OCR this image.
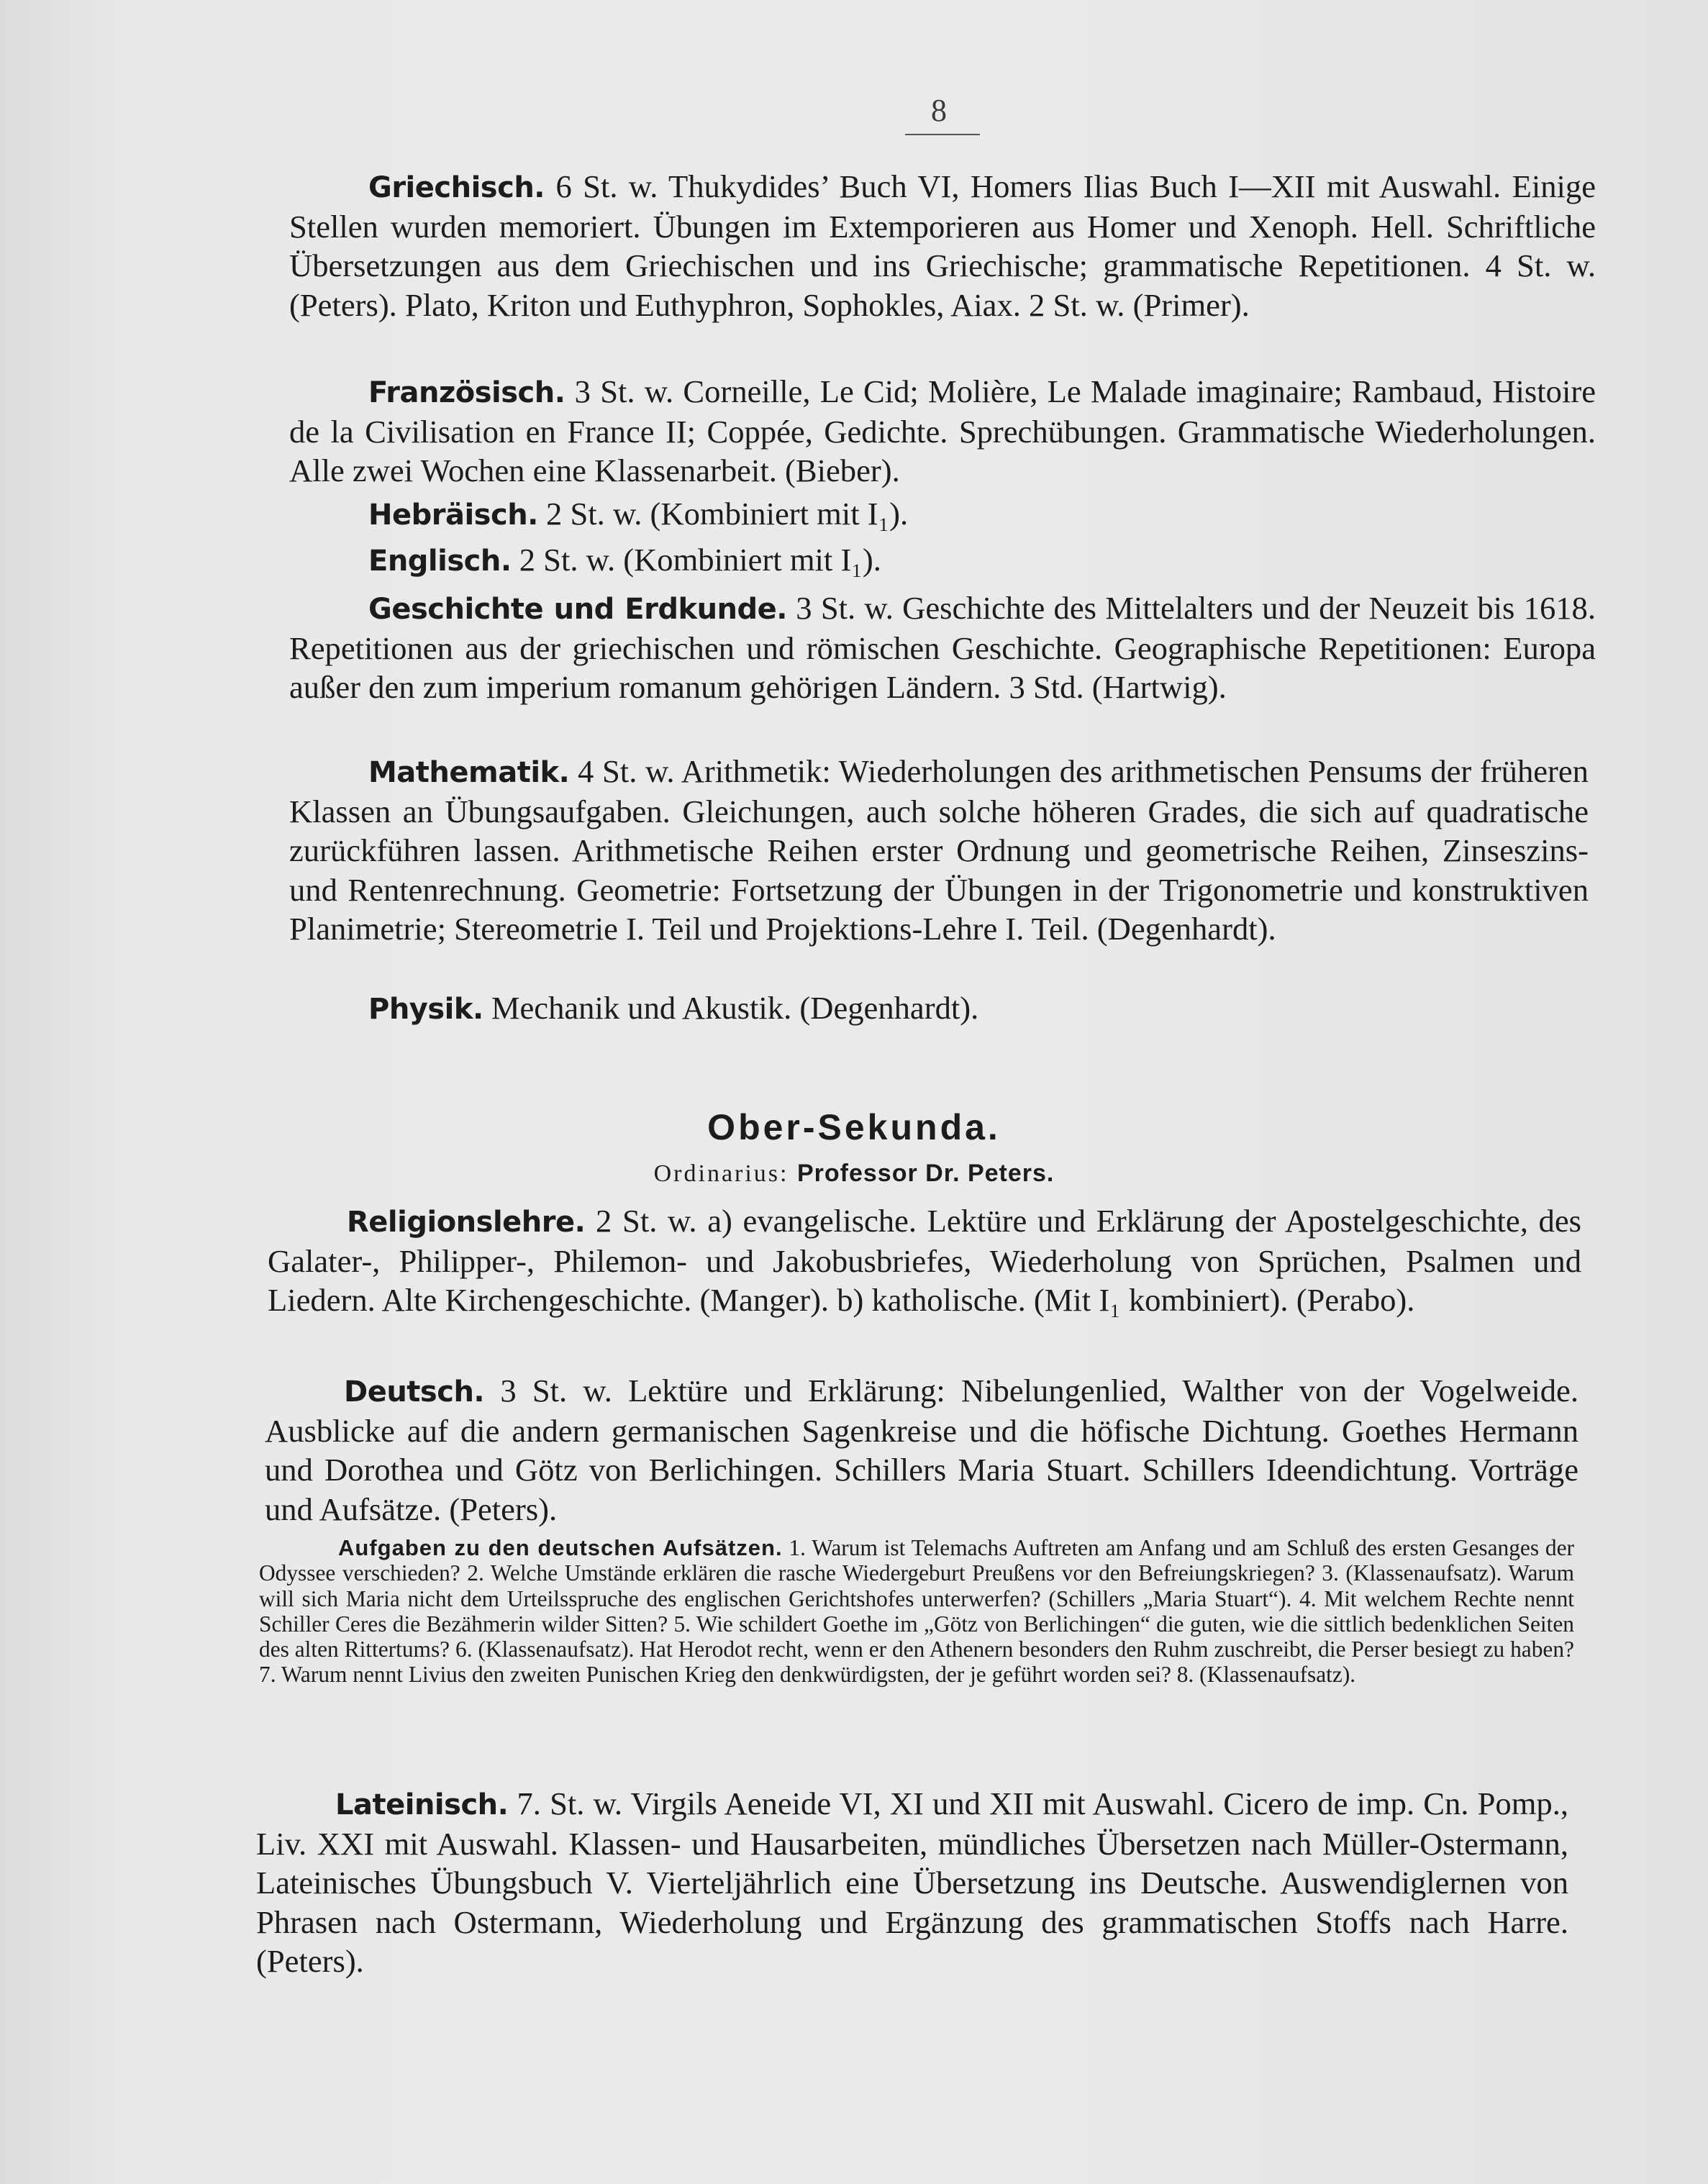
8

Griechisch. 6 St. w. Thukydides’ Buch VI, Homers Ilias Buch I—XII mit Auswahl. Einige Stellen wurden memoriert. Übungen im Extemporieren aus Homer und Xenoph. Hell. Schriftliche Übersetzungen aus dem Griechischen und ins Griechische; grammatische Repetitionen. 4 St. w. (Peters). Plato, Kriton und Euthyphron, Sophokles, Aiax. 2 St. w. (Primer).

Französisch. 3 St. w. Corneille, Le Cid; Molière, Le Malade imaginaire; Rambaud, Histoire de la Civilisation en France II; Coppée, Gedichte. Sprechübungen. Grammatische Wiederholungen. Alle zwei Wochen eine Klassenarbeit. (Bieber).

Hebräisch. 2 St. w. (Kombiniert mit I₁).

Englisch. 2 St. w. (Kombiniert mit I₁).

Geschichte und Erdkunde. 3 St. w. Geschichte des Mittelalters und der Neuzeit bis 1618. Repetitionen aus der griechischen und römischen Geschichte. Geographische Repetitionen: Europa außer den zum imperium romanum gehörigen Ländern. 3 Std. (Hartwig).

Mathematik. 4 St. w. Arithmetik: Wiederholungen des arithmetischen Pensums der früheren Klassen an Übungsaufgaben. Gleichungen, auch solche höheren Grades, die sich auf quadratische zurückführen lassen. Arithmetische Reihen erster Ordnung und geometrische Reihen, Zinseszins- und Rentenrechnung. Geometrie: Fortsetzung der Übungen in der Trigonometrie und konstruktiven Planimetrie; Stereometrie I. Teil und Projektions-Lehre I. Teil. (Degenhardt).

Physik. Mechanik und Akustik. (Degenhardt).

Ober-Sekunda.

Ordinarius: Professor Dr. Peters.

Religionslehre. 2 St. w. a) evangelische. Lektüre und Erklärung der Apostelgeschichte, des Galater-, Philipper-, Philemon- und Jakobusbriefes, Wiederholung von Sprüchen, Psalmen und Liedern. Alte Kirchengeschichte. (Manger). b) katholische. (Mit I₁ kombiniert). (Perabo).

Deutsch. 3 St. w. Lektüre und Erklärung: Nibelungenlied, Walther von der Vogelweide. Ausblicke auf die andern germanischen Sagenkreise und die höfische Dichtung. Goethes Hermann und Dorothea und Götz von Berlichingen. Schillers Maria Stuart. Schillers Ideendichtung. Vorträge und Aufsätze. (Peters).

Aufgaben zu den deutschen Aufsätzen. 1. Warum ist Telemachs Auftreten am Anfang und am Schluß des ersten Gesanges der Odyssee verschieden? 2. Welche Umstände erklären die rasche Wiedergeburt Preußens vor den Befreiungskriegen? 3. (Klassenaufsatz). Warum will sich Maria nicht dem Urteilsspruche des englischen Gerichtshofes unterwerfen? (Schillers „Maria Stuart“). 4. Mit welchem Rechte nennt Schiller Ceres die Bezähmerin wilder Sitten? 5. Wie schildert Goethe im „Götz von Berlichingen“ die guten, wie die sittlich bedenklichen Seiten des alten Rittertums? 6. (Klassenaufsatz). Hat Herodot recht, wenn er den Athenern besonders den Ruhm zuschreibt, die Perser besiegt zu haben? 7. Warum nennt Livius den zweiten Punischen Krieg den denkwürdigsten, der je geführt worden sei? 8. (Klassenaufsatz).

Lateinisch. 7. St. w. Virgils Aeneide VI, XI und XII mit Auswahl. Cicero de imp. Cn. Pomp., Liv. XXI mit Auswahl. Klassen- und Hausarbeiten, mündliches Übersetzen nach Müller-Ostermann, Lateinisches Übungsbuch V. Vierteljährlich eine Übersetzung ins Deutsche. Auswendiglernen von Phrasen nach Ostermann, Wiederholung und Ergänzung des grammatischen Stoffs nach Harre. (Peters).
